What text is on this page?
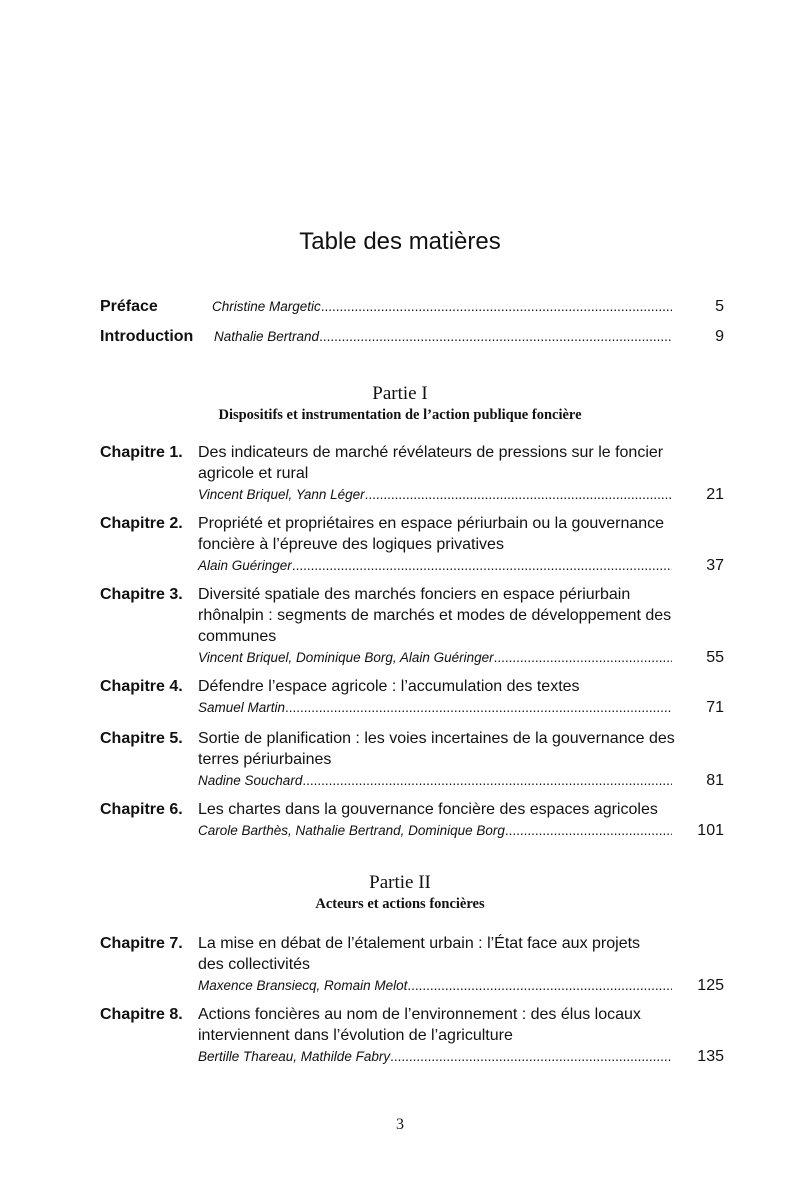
Table des matières
Préface	Christine Margetic .....	5
Introduction	Nathalie Bertrand .....	9
Partie I
Dispositifs et instrumentation de l’action publique foncière
Chapitre 1. Des indicateurs de marché révélateurs de pressions sur le foncier agricole et rural
Vincent Briquel, Yann Léger .....	21
Chapitre 2. Propriété et propriétaires en espace périurbain ou la gouvernance foncière à l’épreuve des logiques privatives
Alain Guéringer .....	37
Chapitre 3. Diversité spatiale des marchés fonciers en espace périurbain rhônalpin : segments de marchés et modes de développement des communes
Vincent Briquel, Dominique Borg, Alain Guéringer .....	55
Chapitre 4. Défendre l’espace agricole : l’accumulation des textes
Samuel Martin .....	71
Chapitre 5. Sortie de planification : les voies incertaines de la gouvernance des terres périurbaines
Nadine Souchard .....	81
Chapitre 6. Les chartes dans la gouvernance foncière des espaces agricoles
Carole Barthès, Nathalie Bertrand, Dominique Borg .....	101
Partie II
Acteurs et actions foncières
Chapitre 7. La mise en débat de l’étalement urbain : l’État face aux projets des collectivités
Maxence Bransiecq, Romain Melot .....	125
Chapitre 8. Actions foncières au nom de l’environnement : des élus locaux interviennent dans l’évolution de l’agriculture
Bertille Thareau, Mathilde Fabry .....	135
3
